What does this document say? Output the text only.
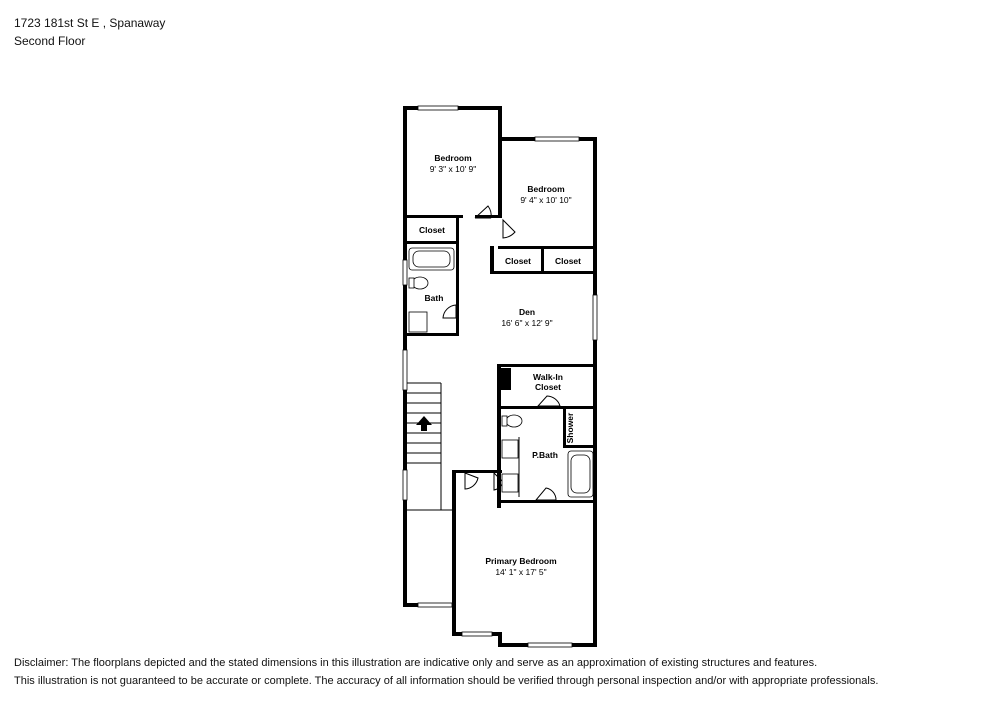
1723 181st St E , Spanaway
Second Floor
Bedroom
9' 3" x 10' 9"
Bedroom
9' 4" x 10' 10"
Closet
Closet	Closet
Bath
Den
16' 6" x 12' 9"
Walk-In
Closet
Shower
P.Bath
Primary Bedroom
14' 1" x 17' 5"
Disclaimer: The floorplans depicted and the stated dimensions in this illustration are indicative only and serve as an approximation of existing structures and features.
This illustration is not guaranteed to be accurate or complete. The accuracy of all information should be verified through personal inspection and/or with appropriate professionals.
